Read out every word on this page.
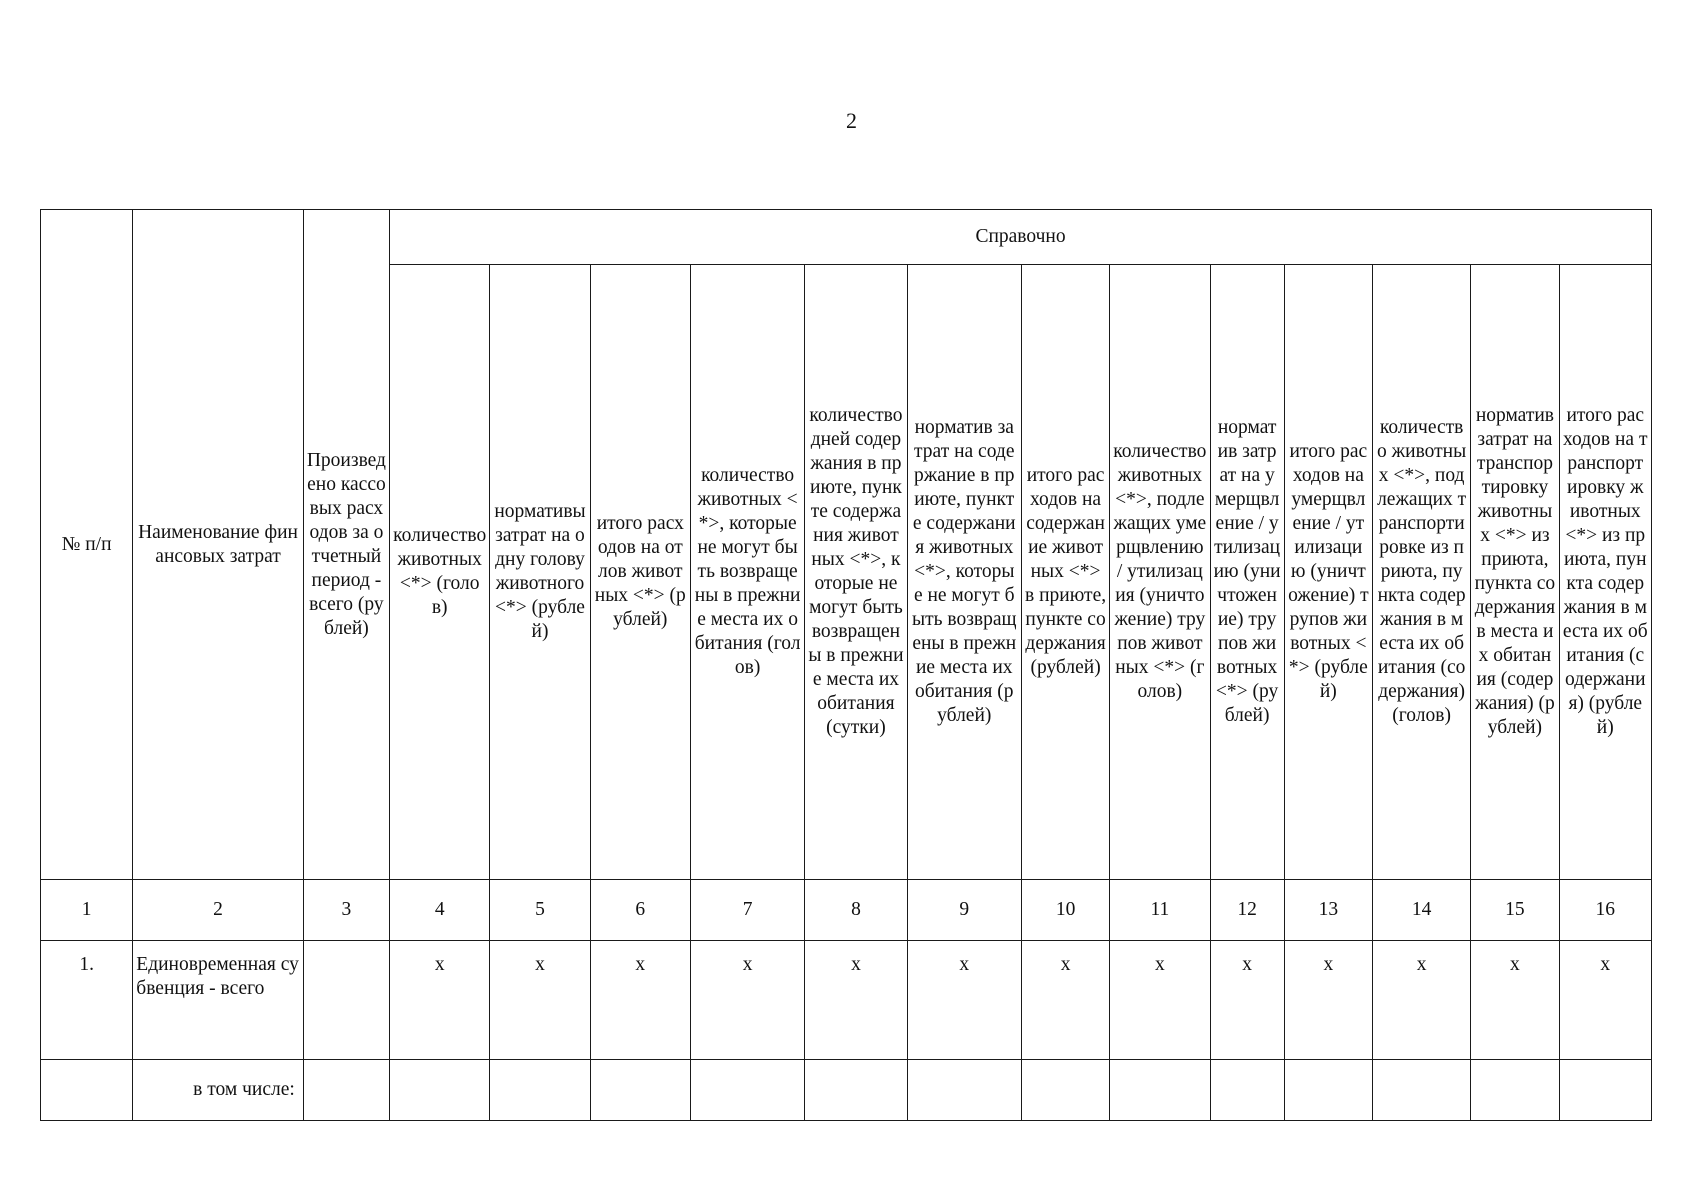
2
№ п/п	Наименование финансовых затрат	Произведено кассовых расходов за отчетный период - всего (рублей)	Справочно												
			количество животных <*> (голов)	нормативы затрат на одну голову животного <*> (рублей)	итого расходов на отлов животных <*> (рублей)	количество животных <*>, которые не могут быть возвращены в прежние места их обитания (голов)	количество дней содержания в приюте, пункте содержания животных <*>, которые не могут быть возвращены в прежние места их обитания (сутки)	норматив затрат на содержание в приюте, пункте содержания животных <*>, которые не могут быть возвращены в прежние места их обитания (рублей)	итого расходов на содержание животных <*> в приюте, пункте содержания (рублей)	количество животных <*>, подлежащих умерщвлению / утилизация (уничтожение) трупов животных <*> (голов)	норматив затрат на умерщвление / утилизацию (уничтожение) трупов животных <*> (рублей)	итого расходов на умерщвление / утилизацию (уничтожение) трупов животных <*> (рублей)	количество животных <*>, подлежащих транспортировке из приюта, пункта содержания в места их обитания (содержания) (голов)	норматив затрат на транспортировку животных <*> из приюта, пункта содержания в места их обитания (содержания) (рублей)	итого расходов на транспортировку животных <*> из приюта, пункта содержания в места их обитания (содержания) (рублей)
1	2	3	4	5	6	7	8	9	10	11	12	13	14	15	16
1.	Единовременная субвенция - всего		x	x	x	x	x	x	x	x	x	x	x	x	x
	в том числе:														
